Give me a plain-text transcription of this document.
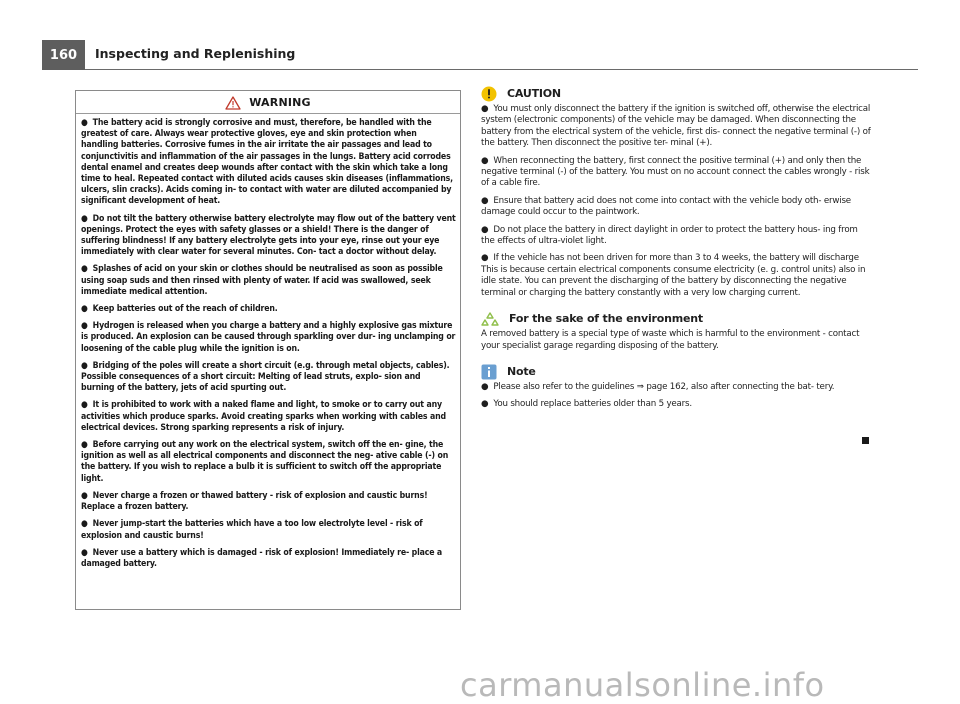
160	Inspecting and Replenishing
WARNING

● The battery acid is strongly corrosive and must, therefore, be handled with the greatest of care. Always wear protective gloves, eye and skin protection when handling batteries. Corrosive fumes in the air irritate the air passages and lead to conjunctivitis and inflammation of the air passages in the lungs. Battery acid corrodes dental enamel and creates deep wounds after contact with the skin which take a long time to heal. Repeated contact with diluted acids causes skin diseases (inflammations, ulcers, slin cracks). Acids coming in- to contact with water are diluted accompanied by significant development of heat.

● Do not tilt the battery otherwise battery electrolyte may flow out of the battery vent openings. Protect the eyes with safety glasses or a shield! There is the danger of suffering blindness! If any battery electrolyte gets into your eye, rinse out your eye immediately with clear water for several minutes. Con- tact a doctor without delay.

● Splashes of acid on your skin or clothes should be neutralised as soon as possible using soap suds and then rinsed with plenty of water. If acid was swallowed, seek immediate medical attention.

● Keep batteries out of the reach of children.

● Hydrogen is released when you charge a battery and a highly explosive gas mixture is produced. An explosion can be caused through sparkling over dur- ing unclamping or loosening of the cable plug while the ignition is on.

● Bridging of the poles will create a short circuit (e.g. through metal objects, cables). Possible consequences of a short circuit: Melting of lead struts, explo- sion and burning of the battery, jets of acid spurting out.

● It is prohibited to work with a naked flame and light, to smoke or to carry out any activities which produce sparks. Avoid creating sparks when working with cables and electrical devices. Strong sparking represents a risk of injury.

● Before carrying out any work on the electrical system, switch off the en- gine, the ignition as well as all electrical components and disconnect the neg- ative cable (-) on the battery. If you wish to replace a bulb it is sufficient to switch off the appropriate light.

● Never charge a frozen or thawed battery - risk of explosion and caustic burns! Replace a frozen battery.

● Never jump-start the batteries which have a too low electrolyte level - risk of explosion and caustic burns!

● Never use a battery which is damaged - risk of explosion! Immediately re- place a damaged battery.

CAUTION

● You must only disconnect the battery if the ignition is switched off, otherwise the electrical system (electronic components) of the vehicle may be damaged. When disconnecting the battery from the electrical system of the vehicle, first dis- connect the negative terminal (-) of the battery. Then disconnect the positive ter- minal (+).

● When reconnecting the battery, first connect the positive terminal (+) and only then the negative terminal (-) of the battery. You must on no account connect the cables wrongly - risk of a cable fire.

● Ensure that battery acid does not come into contact with the vehicle body oth- erwise damage could occur to the paintwork.

● Do not place the battery in direct daylight in order to protect the battery hous- ing from the effects of ultra-violet light.

● If the vehicle has not been driven for more than 3 to 4 weeks, the battery will discharge This is because certain electrical components consume electricity (e. g. control units) also in idle state. You can prevent the discharging of the battery by disconnecting the negative terminal or charging the battery constantly with a very low charging current.

For the sake of the environment

A removed battery is a special type of waste which is harmful to the environment - contact your specialist garage regarding disposing of the battery.

Note

● Please also refer to the guidelines ⇒ page 162, also after connecting the bat- tery.

● You should replace batteries older than 5 years.

carmanualsonline.info
